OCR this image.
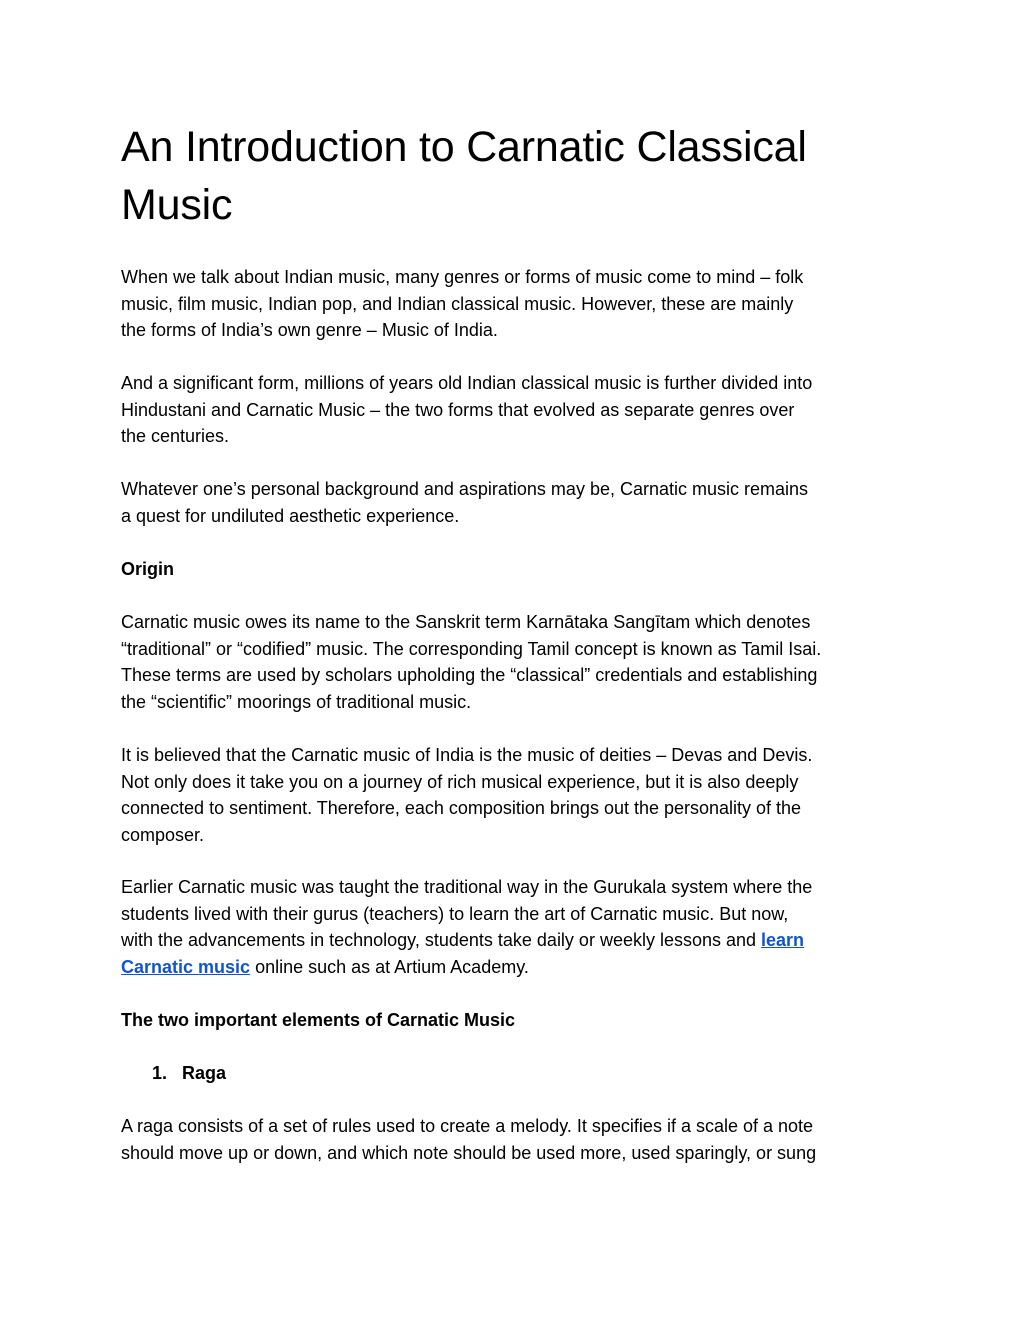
An Introduction to Carnatic Classical
Music

When we talk about Indian music, many genres or forms of music come to mind – folk
music, film music, Indian pop, and Indian classical music. However, these are mainly
the forms of India’s own genre – Music of India.

And a significant form, millions of years old Indian classical music is further divided into
Hindustani and Carnatic Music – the two forms that evolved as separate genres over
the centuries.

Whatever one’s personal background and aspirations may be, Carnatic music remains
a quest for undiluted aesthetic experience.

Origin

Carnatic music owes its name to the Sanskrit term Karnātaka Sangītam which denotes
“traditional” or “codified” music. The corresponding Tamil concept is known as Tamil Isai.
These terms are used by scholars upholding the “classical” credentials and establishing
the “scientific” moorings of traditional music.

It is believed that the Carnatic music of India is the music of deities – Devas and Devis.
Not only does it take you on a journey of rich musical experience, but it is also deeply
connected to sentiment. Therefore, each composition brings out the personality of the
composer.

Earlier Carnatic music was taught the traditional way in the Gurukala system where the
students lived with their gurus (teachers) to learn the art of Carnatic music. But now,
with the advancements in technology, students take daily or weekly lessons and learn
Carnatic music online such as at Artium Academy.

The two important elements of Carnatic Music

1. Raga

A raga consists of a set of rules used to create a melody. It specifies if a scale of a note
should move up or down, and which note should be used more, used sparingly, or sung
